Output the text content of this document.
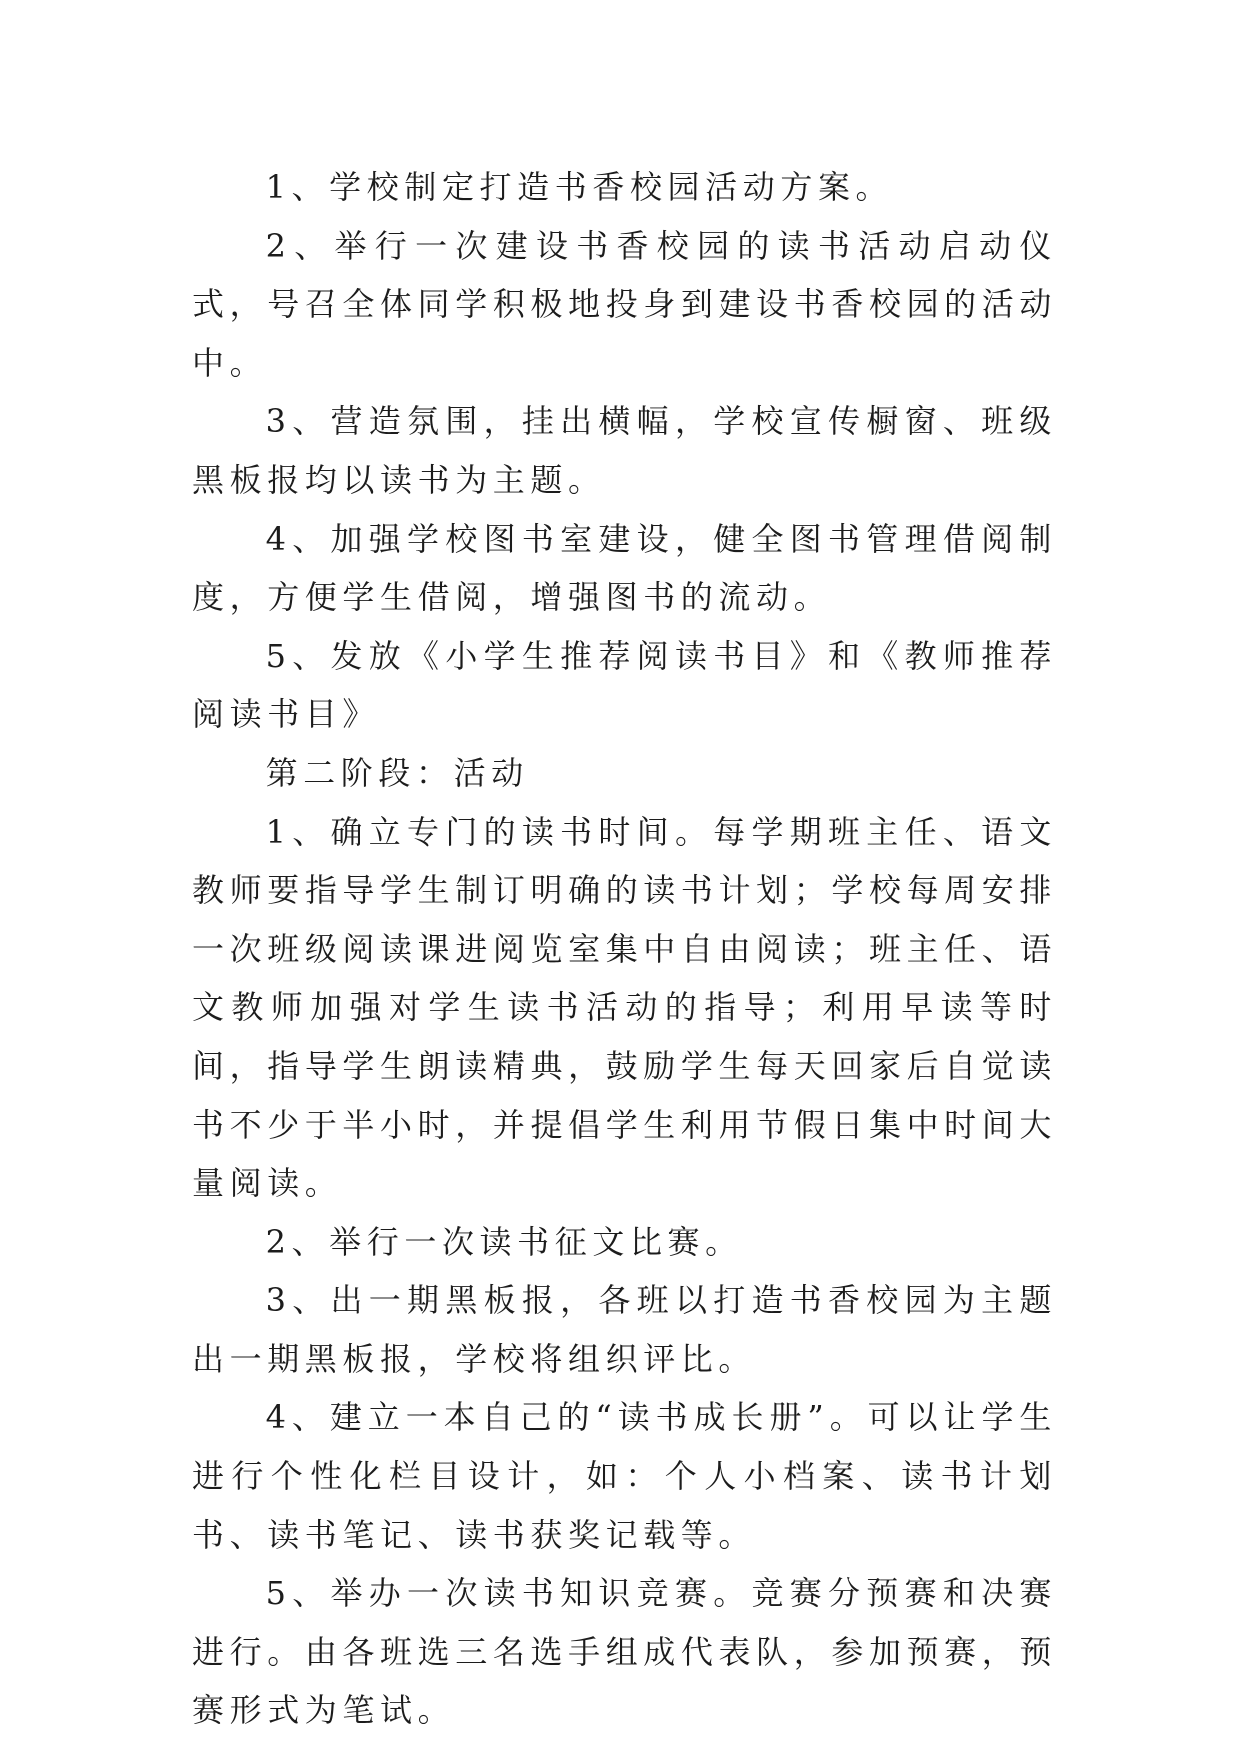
1、学校制定打造书香校园活动方案。

2、举行一次建设书香校园的读书活动启动仪式，号召全体同学积极地投身到建设书香校园的活动中。

3、营造氛围，挂出横幅，学校宣传橱窗、班级黑板报均以读书为主题。

4、加强学校图书室建设，健全图书管理借阅制度，方便学生借阅，增强图书的流动。

5、发放《小学生推荐阅读书目》和《教师推荐阅读书目》

第二阶段：活动

1、确立专门的读书时间。每学期班主任、语文教师要指导学生制订明确的读书计划；学校每周安排一次班级阅读课进阅览室集中自由阅读；班主任、语文教师加强对学生读书活动的指导；利用早读等时间，指导学生朗读精典，鼓励学生每天回家后自觉读书不少于半小时，并提倡学生利用节假日集中时间大量阅读。

2、举行一次读书征文比赛。

3、出一期黑板报，各班以打造书香校园为主题出一期黑板报，学校将组织评比。

4、建立一本自己的“读书成长册”。可以让学生进行个性化栏目设计，如：个人小档案、读书计划书、读书笔记、读书获奖记载等。

5、举办一次读书知识竞赛。竞赛分预赛和决赛进行。由各班选三名选手组成代表队，参加预赛，预赛形式为笔试。
